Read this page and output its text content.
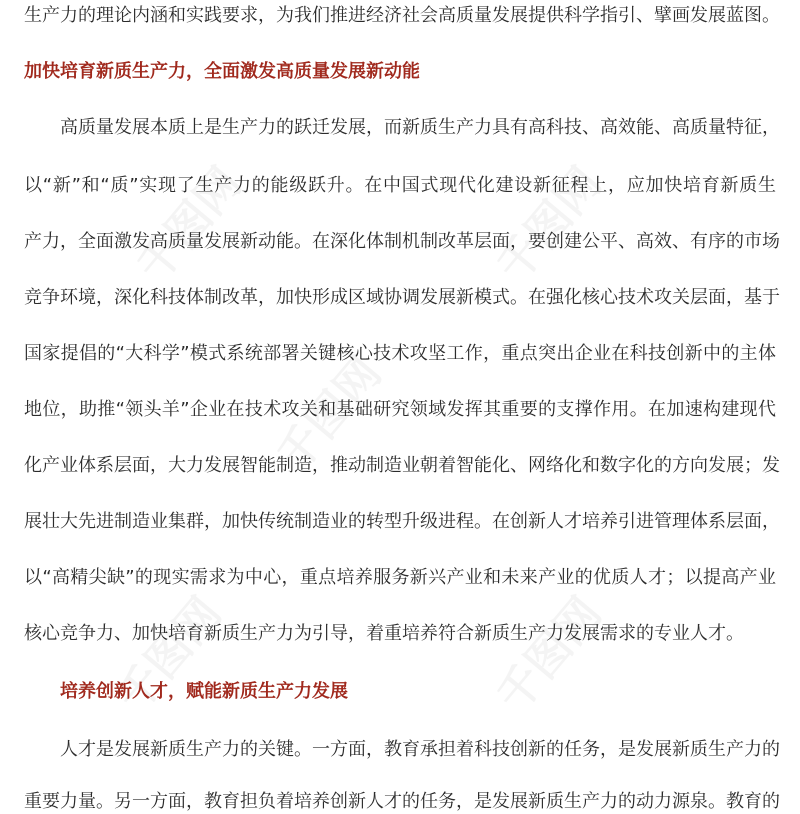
生产力的理论内涵和实践要求，为我们推进经济社会高质量发展提供科学指引、擘画发展蓝图。
加快培育新质生产力，全面激发高质量发展新动能
高质量发展本质上是生产力的跃迁发展，而新质生产力具有高科技、高效能、高质量特征，
以“新”和“质”实现了生产力的能级跃升。在中国式现代化建设新征程上，应加快培育新质生
产力，全面激发高质量发展新动能。在深化体制机制改革层面，要创建公平、高效、有序的市场
竞争环境，深化科技体制改革，加快形成区域协调发展新模式。在强化核心技术攻关层面，基于
国家提倡的“大科学”模式系统部署关键核心技术攻坚工作，重点突出企业在科技创新中的主体
地位，助推“领头羊”企业在技术攻关和基础研究领域发挥其重要的支撑作用。在加速构建现代
化产业体系层面，大力发展智能制造，推动制造业朝着智能化、网络化和数字化的方向发展；发
展壮大先进制造业集群，加快传统制造业的转型升级进程。在创新人才培养引进管理体系层面，
以“高精尖缺”的现实需求为中心，重点培养服务新兴产业和未来产业的优质人才；以提高产业
核心竞争力、加快培育新质生产力为引导，着重培养符合新质生产力发展需求的专业人才。
培养创新人才，赋能新质生产力发展
人才是发展新质生产力的关键。一方面，教育承担着科技创新的任务，是发展新质生产力的
重要力量。另一方面，教育担负着培养创新人才的任务，是发展新质生产力的动力源泉。教育的
